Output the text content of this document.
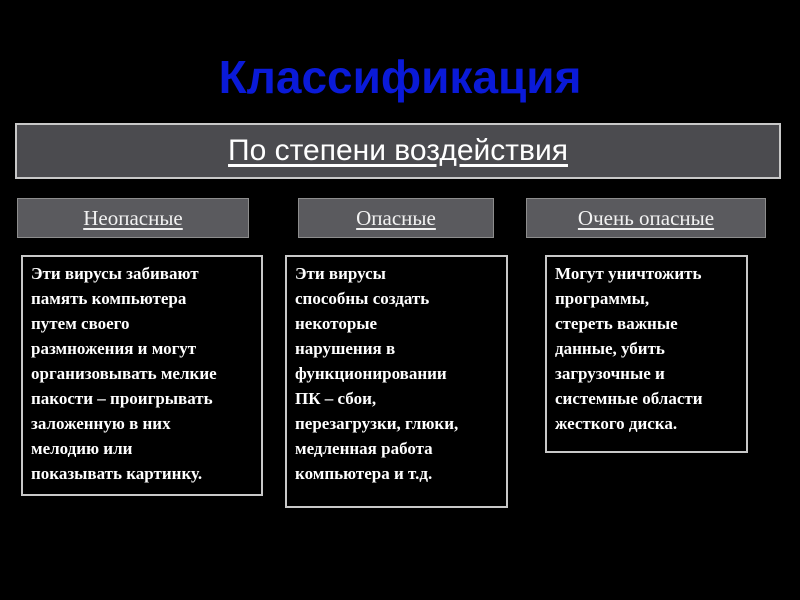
Классификация
По степени воздействия
Неопасные	Опасные	Очень опасные
Эти вирусы забивают
память компьютера
путем своего
размножения и могут
организовывать мелкие
пакости – проигрывать
заложенную в них
мелодию или
показывать картинку.
Эти вирусы
способны создать
некоторые
нарушения в
функционировании
ПК – сбои,
перезагрузки, глюки,
медленная работа
компьютера и т.д.
Могут уничтожить
программы,
стереть важные
данные, убить
загрузочные и
системные области
жесткого диска.
